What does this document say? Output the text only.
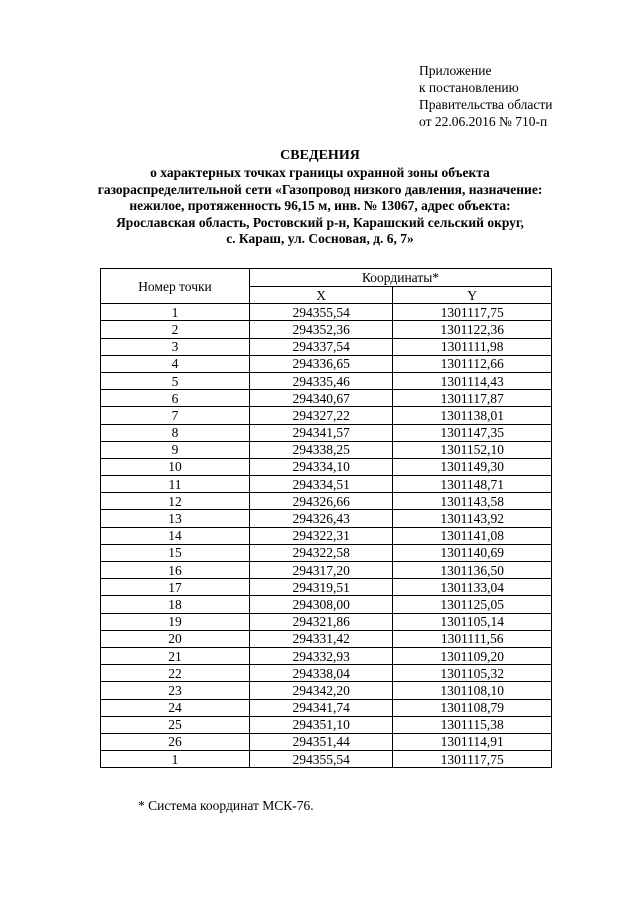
Приложение
к постановлению
Правительства области
от 22.06.2016 № 710-п
СВЕДЕНИЯ
о характерных точках границы охранной зоны объекта
газораспределительной сети «Газопровод низкого давления, назначение:
нежилое, протяженность 96,15 м, инв. № 13067, адрес объекта:
Ярославская область, Ростовский р-н, Карашский сельский округ,
с. Караш, ул. Сосновая, д. 6, 7»
Номер точки	Координаты*	
	X	Y
1	294355,54	1301117,75
2	294352,36	1301122,36
3	294337,54	1301111,98
4	294336,65	1301112,66
5	294335,46	1301114,43
6	294340,67	1301117,87
7	294327,22	1301138,01
8	294341,57	1301147,35
9	294338,25	1301152,10
10	294334,10	1301149,30
11	294334,51	1301148,71
12	294326,66	1301143,58
13	294326,43	1301143,92
14	294322,31	1301141,08
15	294322,58	1301140,69
16	294317,20	1301136,50
17	294319,51	1301133,04
18	294308,00	1301125,05
19	294321,86	1301105,14
20	294331,42	1301111,56
21	294332,93	1301109,20
22	294338,04	1301105,32
23	294342,20	1301108,10
24	294341,74	1301108,79
25	294351,10	1301115,38
26	294351,44	1301114,91
1	294355,54	1301117,75
* Система координат МСК-76.
